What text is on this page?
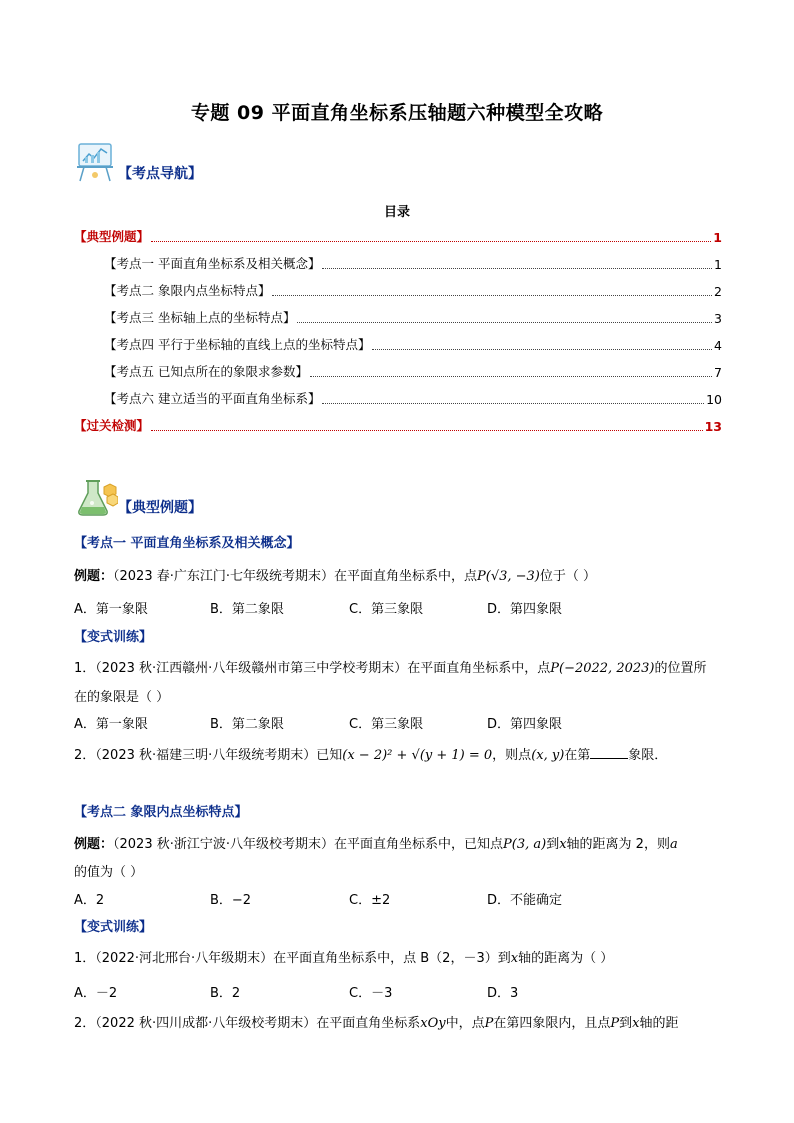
专题 09 平面直角坐标系压轴题六种模型全攻略
【考点导航】
目录
【典型例题】	1
【考点一 平面直角坐标系及相关概念】	1
【考点二 象限内点坐标特点】	2
【考点三 坐标轴上点的坐标特点】	3
【考点四 平行于坐标轴的直线上点的坐标特点】	4
【考点五 已知点所在的象限求参数】	7
【考点六 建立适当的平面直角坐标系】	10
【过关检测】	13
【典型例题】
【考点一 平面直角坐标系及相关概念】
例题：（2023 春·广东江门·七年级统考期末）在平面直角坐标系中，点P(√3, −3)位于（ ）
A．第一象限	B．第二象限	C．第三象限	D．第四象限
【变式训练】
1．（2023 秋·江西赣州·八年级赣州市第三中学校考期末）在平面直角坐标系中，点P(−2022, 2023)的位置所
在的象限是（ ）
A．第一象限	B．第二象限	C．第三象限	D．第四象限
2．（2023 秋·福建三明·八年级统考期末）已知(x − 2)² + √(y + 1) = 0，则点(x, y)在第	象限．
【考点二 象限内点坐标特点】
例题：（2023 秋·浙江宁波·八年级校考期末）在平面直角坐标系中，已知点P(3, a)到x轴的距离为 2，则a
的值为（ ）
A．2	B．−2	C．±2	D．不能确定
【变式训练】
1．（2022·河北邢台·八年级期末）在平面直角坐标系中，点 B（2，－3）到x轴的距离为（ ）
A．－2	B．2	C．－3	D．3
2．（2022 秋·四川成都·八年级校考期末）在平面直角坐标系xOy中，点P在第四象限内，且点P到x轴的距
